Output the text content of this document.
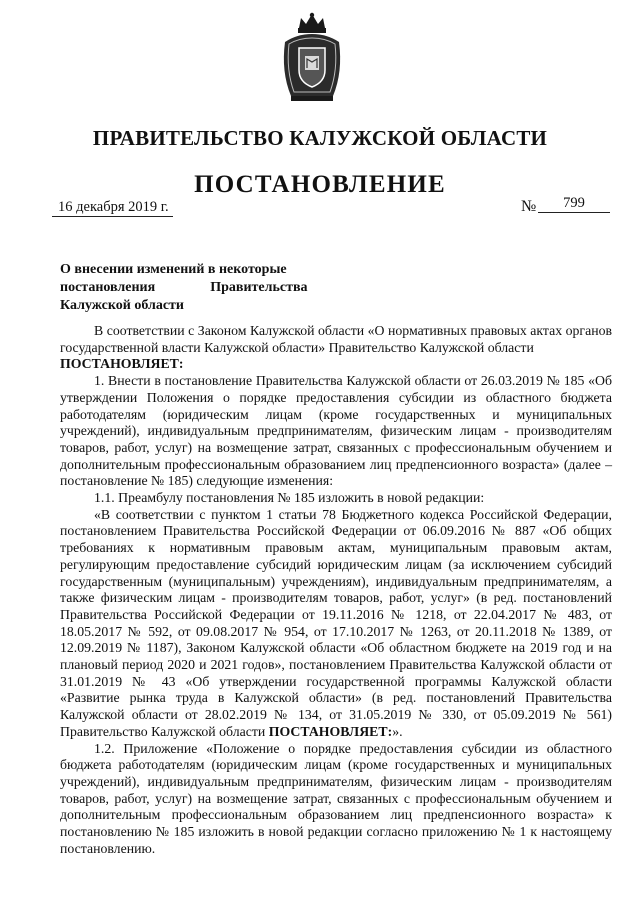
ПРАВИТЕЛЬСТВО КАЛУЖСКОЙ ОБЛАСТИ
ПОСТАНОВЛЕНИЕ
16 декабря 2019 г.	№	799
О внесении изменений в некоторые
постановления	Правительства
Калужской области

В соответствии с Законом Калужской области «О нормативных правовых актах органов государственной власти Калужской области» Правительство Калужской области

ПОСТАНОВЛЯЕТ:

1. Внести в постановление Правительства Калужской области от 26.03.2019 № 185 «Об утверждении Положения о порядке предоставления субсидии из областного бюджета работодателям (юридическим лицам (кроме государственных и муниципальных учреждений), индивидуальным предпринимателям, физическим лицам - производителям товаров, работ, услуг) на возмещение затрат, связанных с профессиональным обучением и дополнительным профессиональным образованием лиц предпенсионного возраста» (далее – постановление № 185) следующие изменения:

1.1. Преамбулу постановления № 185 изложить в новой редакции:

«В соответствии с пунктом 1 статьи 78 Бюджетного кодекса Российской Федерации, постановлением Правительства Российской Федерации от 06.09.2016 № 887 «Об общих требованиях к нормативным правовым актам, муниципальным правовым актам, регулирующим предоставление субсидий юридическим лицам (за исключением субсидий государственным (муниципальным) учреждениям), индивидуальным предпринимателям, а также физическим лицам - производителям товаров, работ, услуг» (в ред. постановлений Правительства Российской Федерации от 19.11.2016 № 1218, от 22.04.2017 № 483, от 18.05.2017 № 592, от 09.08.2017 № 954, от 17.10.2017 № 1263, от 20.11.2018 № 1389, от 12.09.2019 № 1187), Законом Калужской области «Об областном бюджете на 2019 год и на плановый период 2020 и 2021 годов», постановлением Правительства Калужской области от 31.01.2019 № 43 «Об утверждении государственной программы Калужской области «Развитие рынка труда в Калужской области» (в ред. постановлений Правительства Калужской области от 28.02.2019 № 134, от 31.05.2019 № 330, от 05.09.2019 № 561) Правительство Калужской области ПОСТАНОВЛЯЕТ:».

1.2. Приложение «Положение о порядке предоставления субсидии из областного бюджета работодателям (юридическим лицам (кроме государственных и муниципальных учреждений), индивидуальным предпринимателям, физическим лицам - производителям товаров, работ, услуг) на возмещение затрат, связанных с профессиональным обучением и дополнительным профессиональным образованием лиц предпенсионного возраста» к постановлению № 185 изложить в новой редакции согласно приложению № 1 к настоящему постановлению.
